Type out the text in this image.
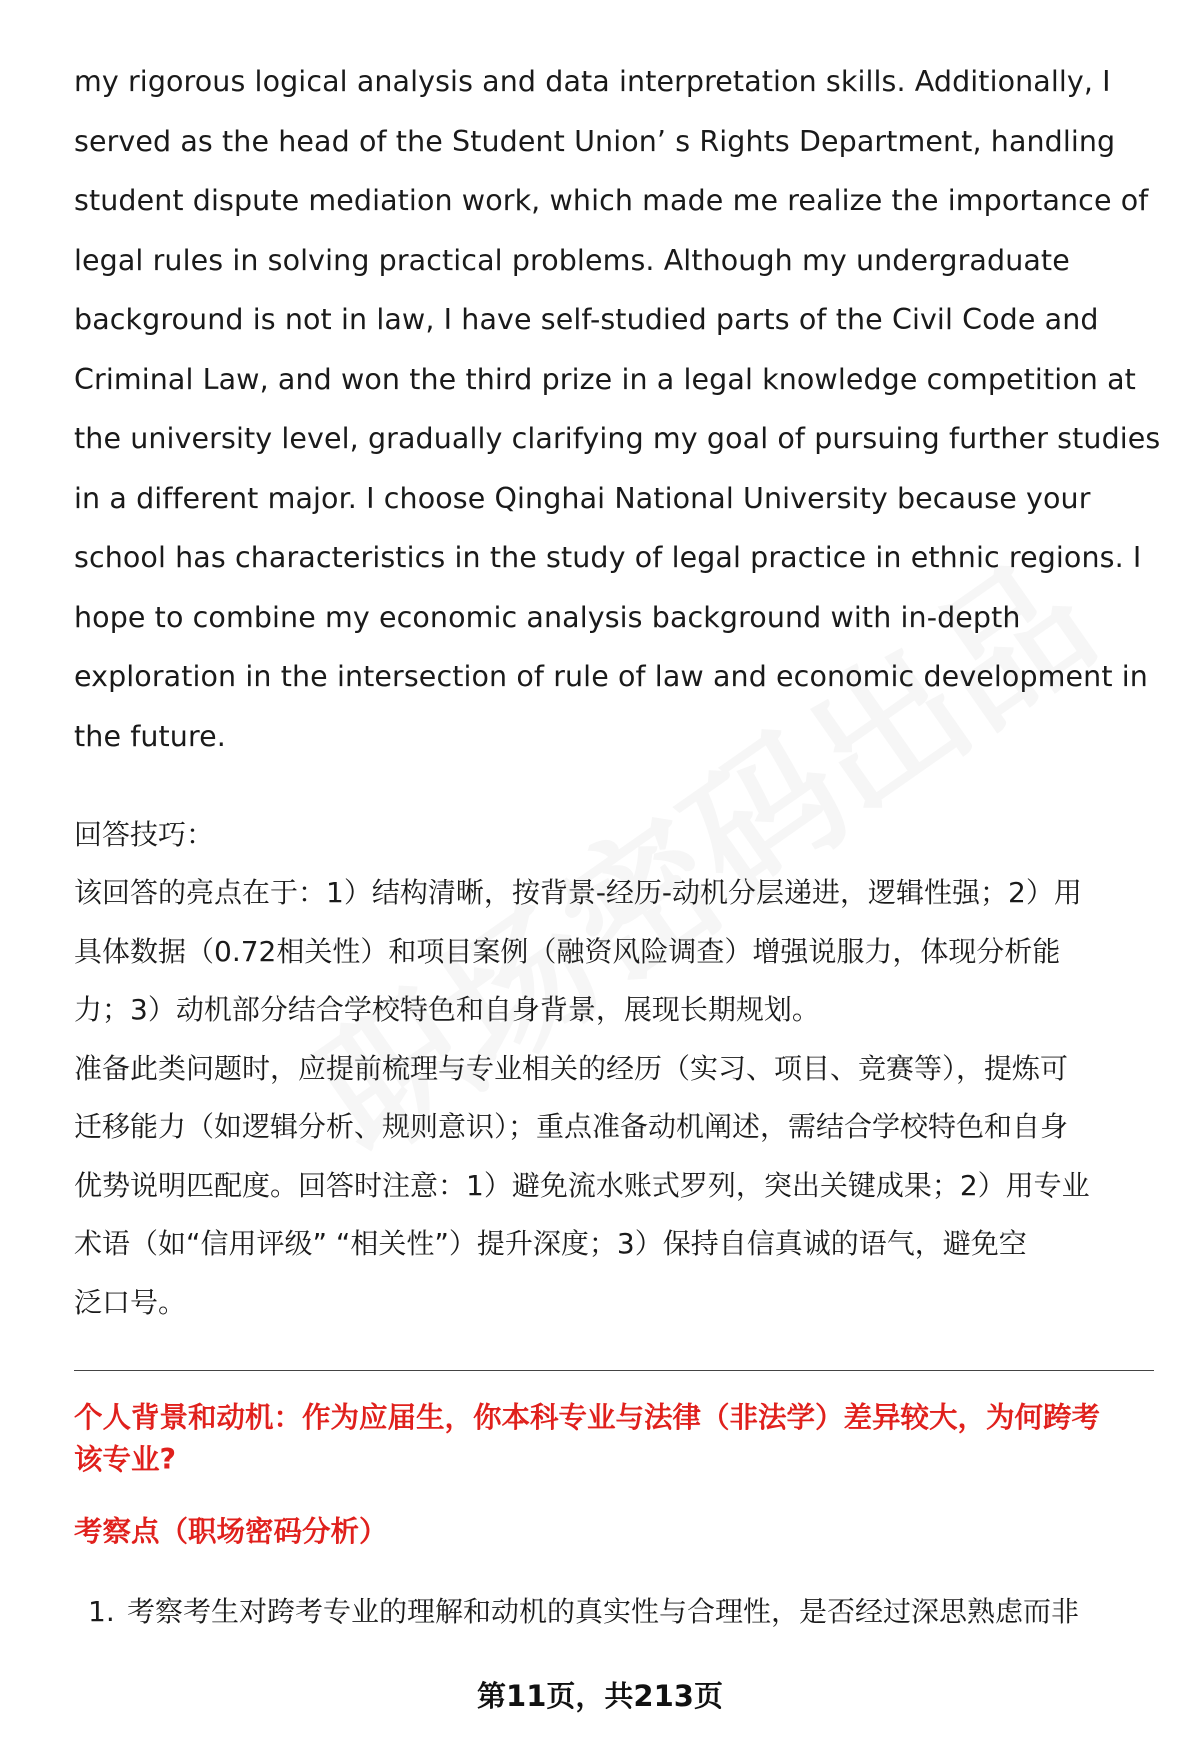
my rigorous logical analysis and data interpretation skills. Additionally, I
served as the head of the Student Union’ s Rights Department, handling
student dispute mediation work, which made me realize the importance of
legal rules in solving practical problems. Although my undergraduate
background is not in law, I have self-studied parts of the Civil Code and
Criminal Law, and won the third prize in a legal knowledge competition at
the university level, gradually clarifying my goal of pursuing further studies
in a different major. I choose Qinghai National University because your
school has characteristics in the study of legal practice in ethnic regions. I
hope to combine my economic analysis background with in-depth
exploration in the intersection of rule of law and economic development in
the future.

回答技巧：

该回答的亮点在于：1）结构清晰，按背景-经历-动机分层递进，逻辑性强；2）用
具体数据（0.72相关性）和项目案例（融资风险调查）增强说服力，体现分析能
力；3）动机部分结合学校特色和自身背景，展现长期规划。

准备此类问题时，应提前梳理与专业相关的经历（实习、项目、竞赛等），提炼可
迁移能力（如逻辑分析、规则意识）；重点准备动机阐述，需结合学校特色和自身
优势说明匹配度。回答时注意：1）避免流水账式罗列，突出关键成果；2）用专业
术语（如“信用评级” “相关性”）提升深度；3）保持自信真诚的语气，避免空
泛口号。

个人背景和动机：作为应届生，你本科专业与法律（非法学）差异较大，为何跨考
该专业?
考察点（职场密码分析）
1. 考察考生对跨考专业的理解和动机的真实性与合理性，是否经过深思熟虑而非
第11页，共213页
